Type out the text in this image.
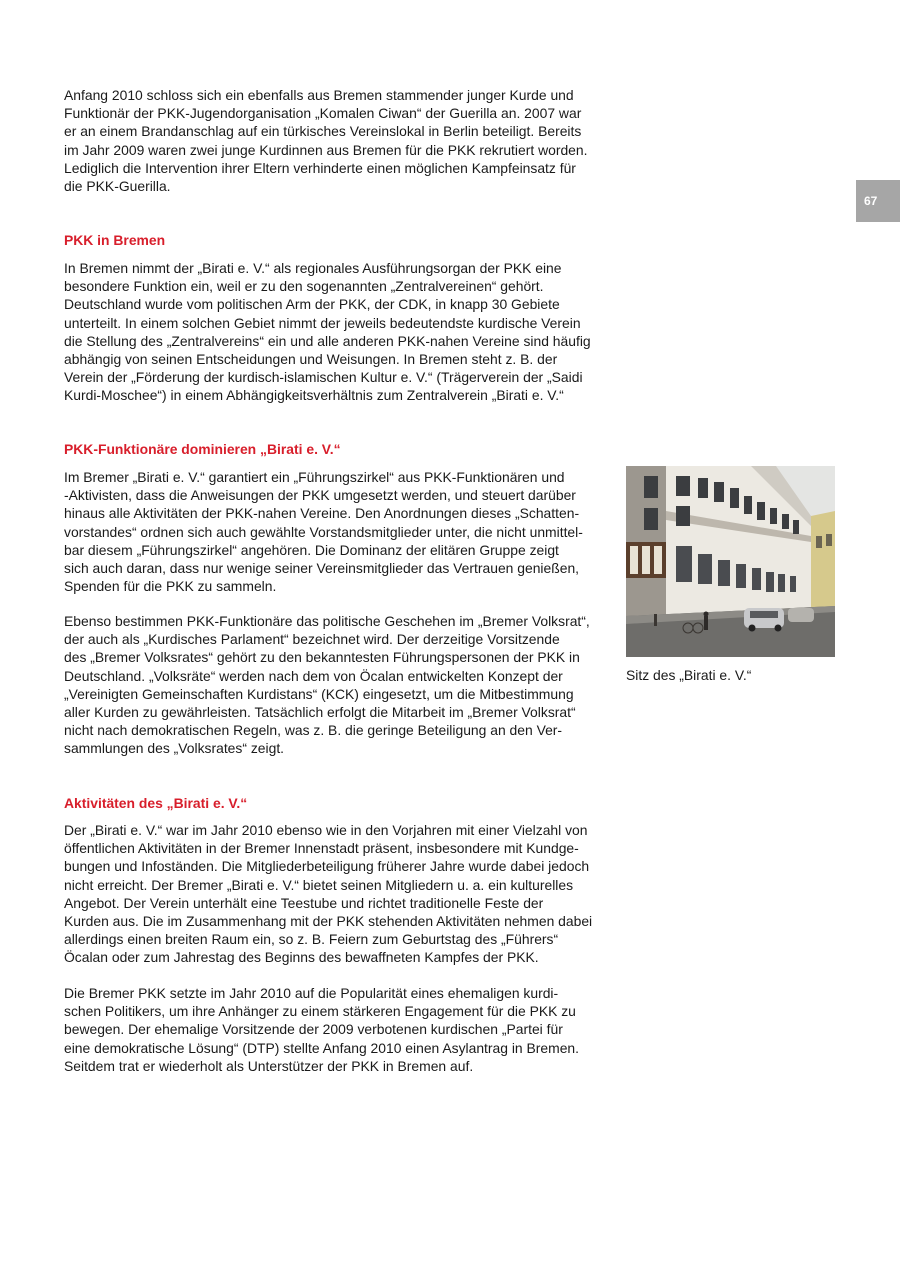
67

Anfang 2010 schloss sich ein ebenfalls aus Bremen stammender junger Kurde und
Funktionär der PKK-Jugendorganisation „Komalen Ciwan“ der Guerilla an. 2007 war
er an einem Brandanschlag auf ein türkisches Vereinslokal in Berlin beteiligt. Bereits
im Jahr 2009 waren zwei junge Kurdinnen aus Bremen für die PKK rekrutiert worden.
Lediglich die Intervention ihrer Eltern verhinderte einen möglichen Kampfeinsatz für
die PKK-Guerilla.

PKK in Bremen

In Bremen nimmt der „Birati e. V.“ als regionales Ausführungsorgan der PKK eine
besondere Funktion ein, weil er zu den sogenannten „Zentralvereinen“ gehört.
Deutschland wurde vom politischen Arm der PKK, der CDK, in knapp 30 Gebiete
unterteilt. In einem solchen Gebiet nimmt der jeweils bedeutendste kurdische Verein
die Stellung des „Zentralvereins“ ein und alle anderen PKK-nahen Vereine sind häufig
abhängig von seinen Entscheidungen und Weisungen. In Bremen steht z. B. der
Verein der „Förderung der kurdisch-islamischen Kultur e. V.“ (Trägerverein der „Saidi
Kurdi-Moschee“) in einem Abhängigkeitsverhältnis zum Zentralverein „Birati e. V.“

PKK-Funktionäre dominieren „Birati e. V.“

Im Bremer „Birati e. V.“ garantiert ein „Führungszirkel“ aus PKK-Funktionären und
-Aktivisten, dass die Anweisungen der PKK umgesetzt werden, und steuert darüber
hinaus alle Aktivitäten der PKK-nahen Vereine. Den Anordnungen dieses „Schatten-
vorstandes“ ordnen sich auch gewählte Vorstandsmitglieder unter, die nicht unmittel-
bar diesem „Führungszirkel“ angehören. Die Dominanz der elitären Gruppe zeigt
sich auch daran, dass nur wenige seiner Vereinsmitglieder das Vertrauen genießen,
Spenden für die PKK zu sammeln.

Ebenso bestimmen PKK-Funktionäre das politische Geschehen im „Bremer Volksrat“,
der auch als „Kurdisches Parlament“ bezeichnet wird. Der derzeitige Vorsitzende
des „Bremer Volksrates“ gehört zu den bekanntesten Führungspersonen der PKK in
Deutschland. „Volksräte“ werden nach dem von Öcalan entwickelten Konzept der
„Vereinigten Gemeinschaften Kurdistans“ (KCK) eingesetzt, um die Mitbestimmung
aller Kurden zu gewährleisten. Tatsächlich erfolgt die Mitarbeit im „Bremer Volksrat“
nicht nach demokratischen Regeln, was z. B. die geringe Beteiligung an den Ver-
sammlungen des „Volksrates“ zeigt.

Aktivitäten des „Birati e. V.“

Der „Birati e. V.“ war im Jahr 2010 ebenso wie in den Vorjahren mit einer Vielzahl von
öffentlichen Aktivitäten in der Bremer Innenstadt präsent, insbesondere mit Kundge-
bungen und Infoständen. Die Mitgliederbeteiligung früherer Jahre wurde dabei jedoch
nicht erreicht. Der Bremer „Birati e. V.“ bietet seinen Mitgliedern u. a. ein kulturelles
Angebot. Der Verein unterhält eine Teestube und richtet traditionelle Feste der
Kurden aus. Die im Zusammenhang mit der PKK stehenden Aktivitäten nehmen dabei
allerdings einen breiten Raum ein, so z. B. Feiern zum Geburtstag des „Führers“
Öcalan oder zum Jahrestag des Beginns des bewaffneten Kampfes der PKK.

Die Bremer PKK setzte im Jahr 2010 auf die Popularität eines ehemaligen kurdi-
schen Politikers, um ihre Anhänger zu einem stärkeren Engagement für die PKK zu
bewegen. Der ehemalige Vorsitzende der 2009 verbotenen kurdischen „Partei für
eine demokratische Lösung“ (DTP) stellte Anfang 2010 einen Asylantrag in Bremen.
Seitdem trat er wiederholt als Unterstützer der PKK in Bremen auf.

Sitz des „Birati e. V.“
